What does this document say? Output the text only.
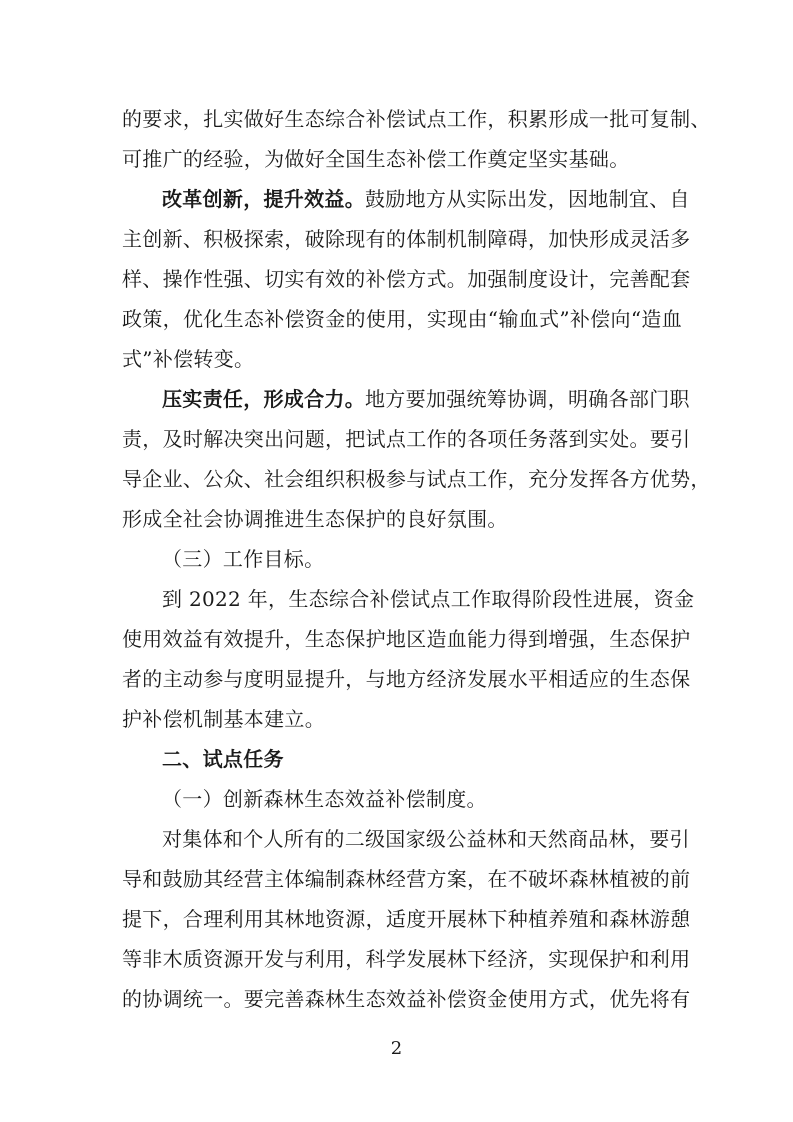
的要求，扎实做好生态综合补偿试点工作，积累形成一批可复制、
可推广的经验，为做好全国生态补偿工作奠定坚实基础。
改革创新，提升效益。鼓励地方从实际出发，因地制宜、自
主创新、积极探索，破除现有的体制机制障碍，加快形成灵活多
样、操作性强、切实有效的补偿方式。加强制度设计，完善配套
政策，优化生态补偿资金的使用，实现由“输血式”补偿向“造血
式”补偿转变。
压实责任，形成合力。地方要加强统筹协调，明确各部门职
责，及时解决突出问题，把试点工作的各项任务落到实处。要引
导企业、公众、社会组织积极参与试点工作，充分发挥各方优势，
形成全社会协调推进生态保护的良好氛围。
（三）工作目标。
到 2022 年，生态综合补偿试点工作取得阶段性进展，资金
使用效益有效提升，生态保护地区造血能力得到增强，生态保护
者的主动参与度明显提升，与地方经济发展水平相适应的生态保
护补偿机制基本建立。
二、试点任务
（一）创新森林生态效益补偿制度。
对集体和个人所有的二级国家级公益林和天然商品林，要引
导和鼓励其经营主体编制森林经营方案，在不破坏森林植被的前
提下，合理利用其林地资源，适度开展林下种植养殖和森林游憩
等非木质资源开发与利用，科学发展林下经济，实现保护和利用
的协调统一。要完善森林生态效益补偿资金使用方式，优先将有
2
